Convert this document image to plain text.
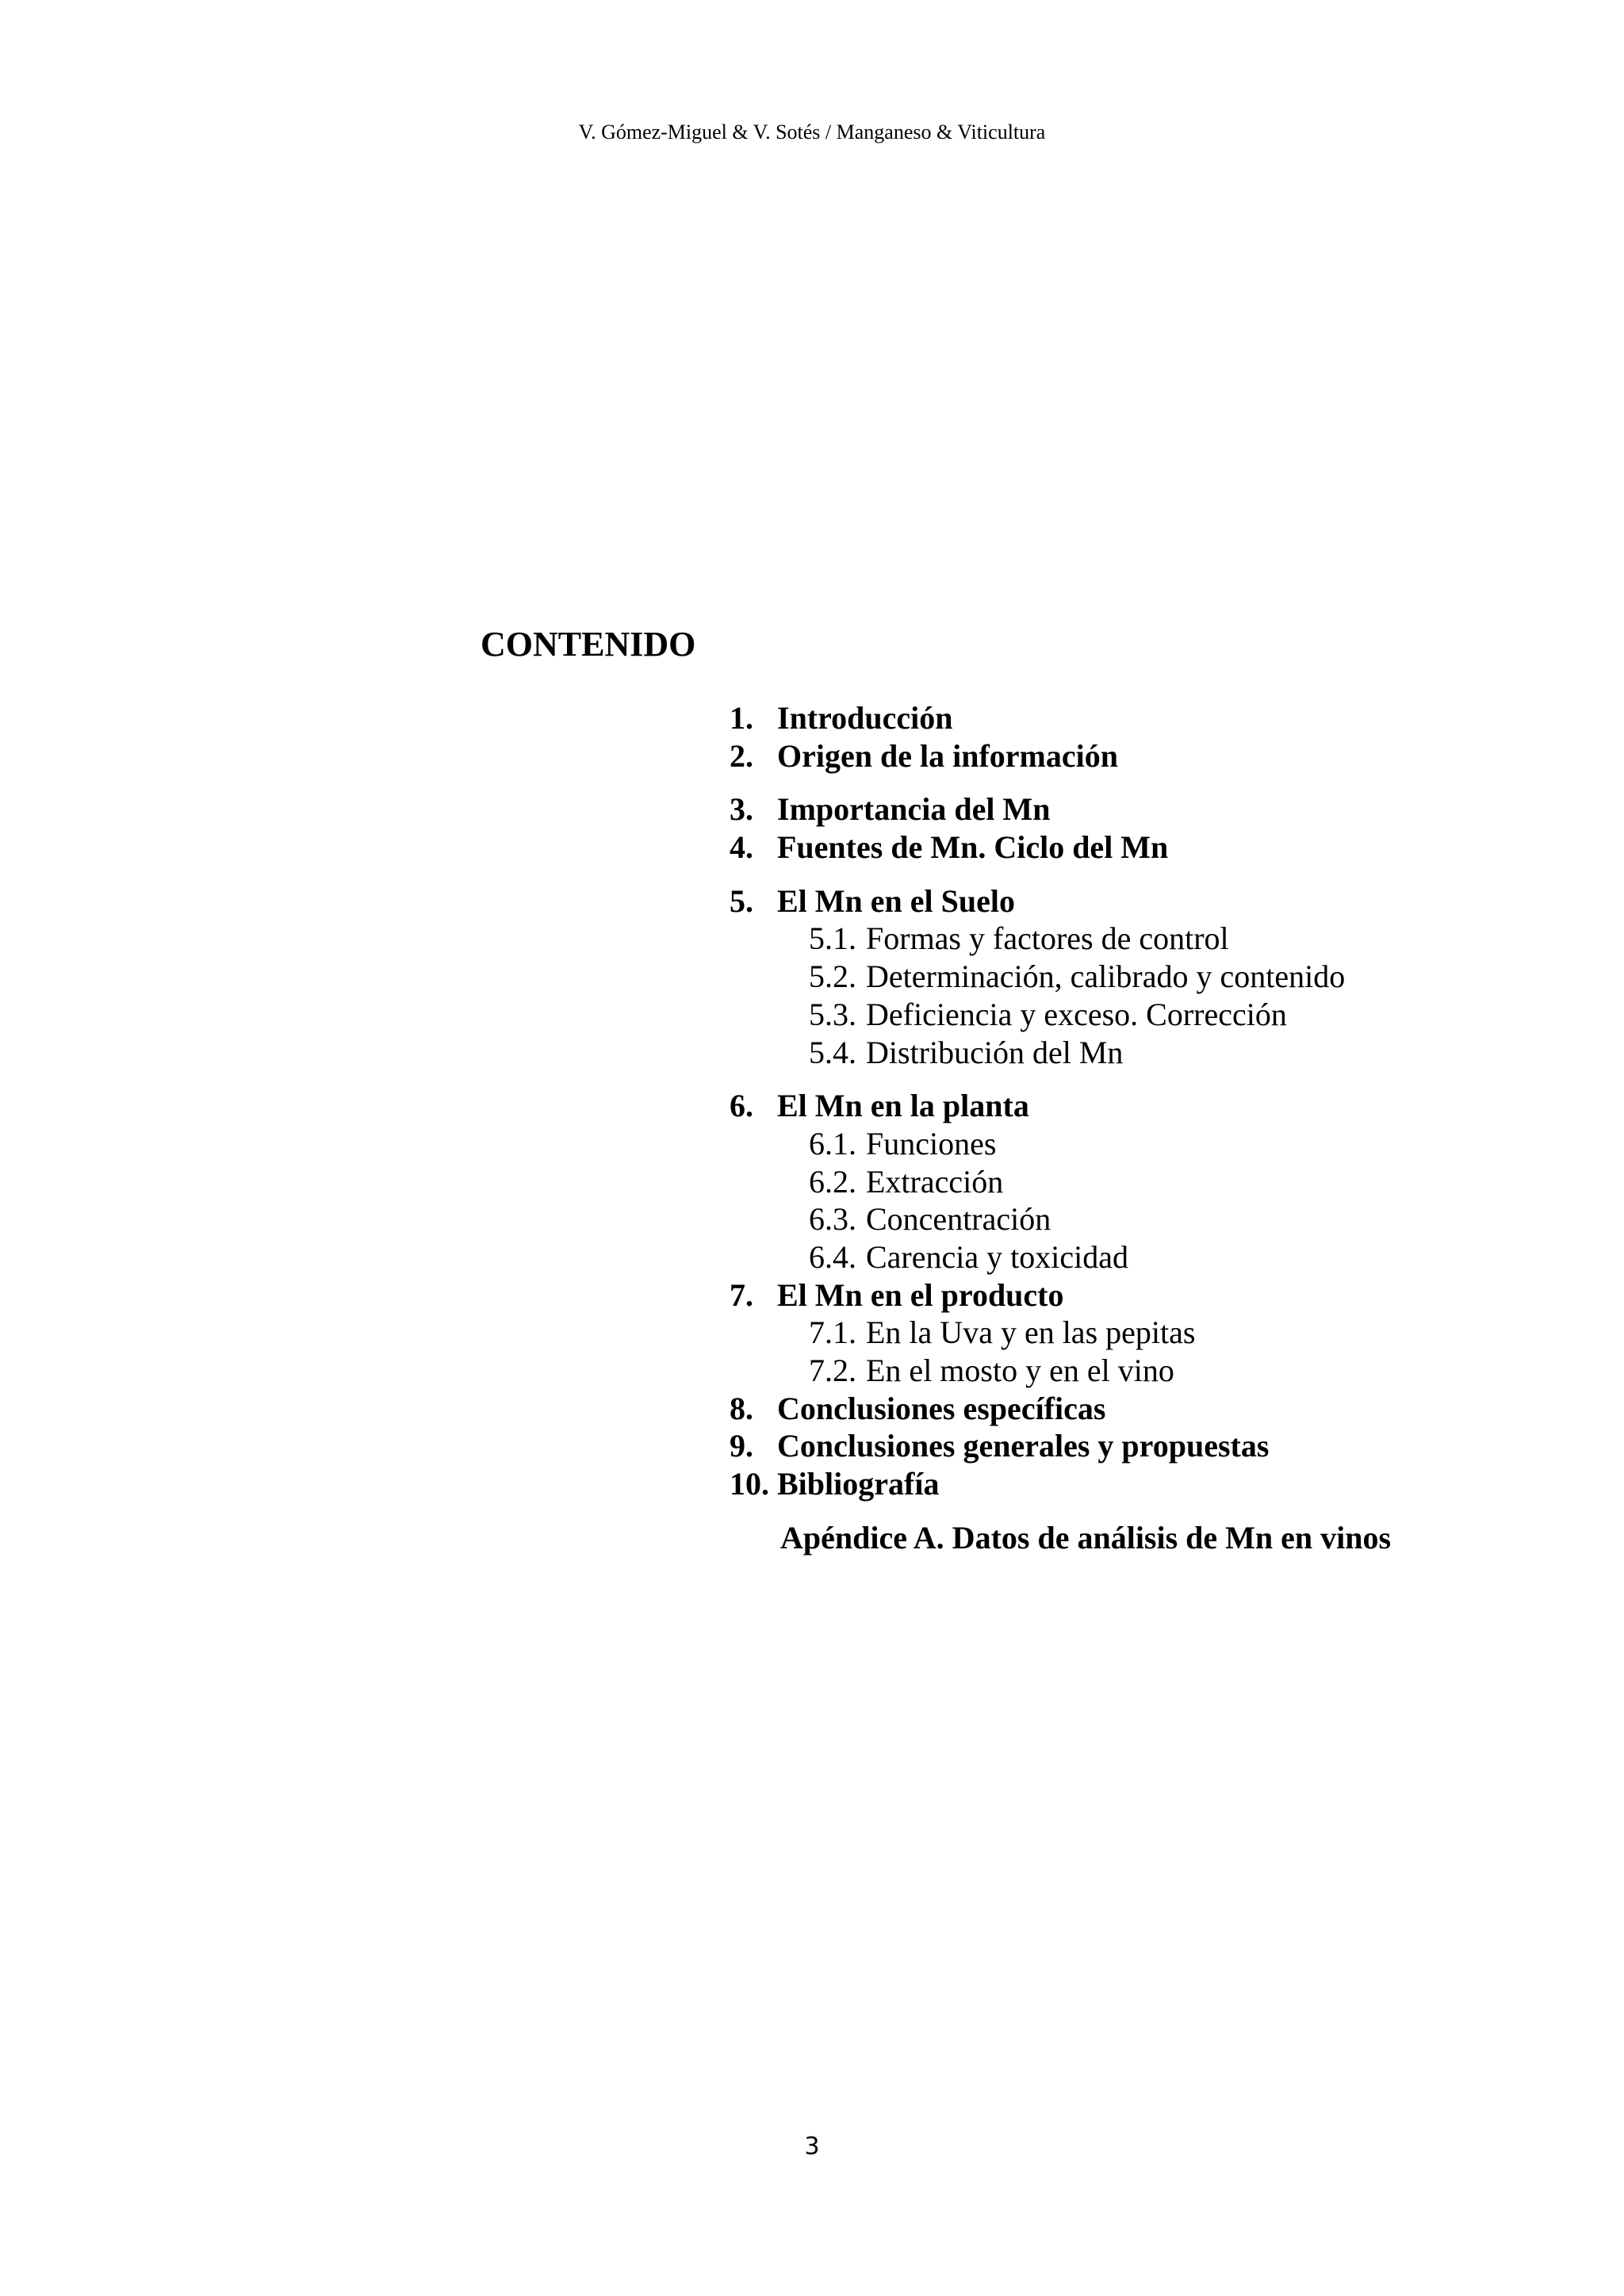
V. Gómez-Miguel & V. Sotés / Manganeso & Viticultura
CONTENIDO
1. Introducción
2. Origen de la información
3. Importancia del Mn
4. Fuentes de Mn. Ciclo del Mn
5. El Mn en el Suelo
5.1. Formas y factores de control
5.2. Determinación, calibrado y contenido
5.3. Deficiencia y exceso. Corrección
5.4. Distribución del Mn
6. El Mn en la planta
6.1. Funciones
6.2. Extracción
6.3. Concentración
6.4. Carencia y toxicidad
7. El Mn en el producto
7.1. En la Uva y en las pepitas
7.2. En el mosto y en el vino
8. Conclusiones específicas
9. Conclusiones generales y propuestas
10. Bibliografía
Apéndice A. Datos de análisis de Mn en vinos
3
